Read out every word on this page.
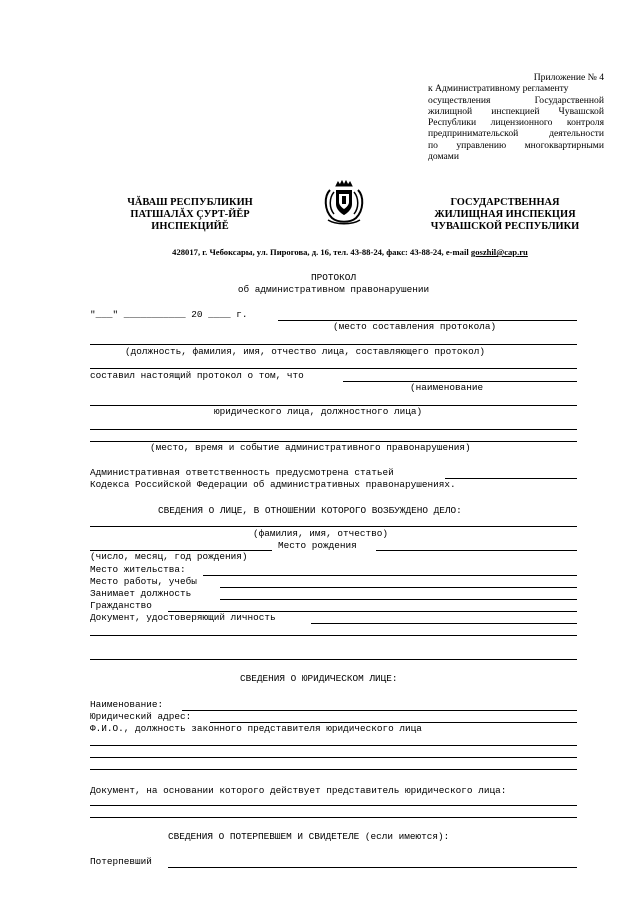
Приложение № 4
к Административному регламенту
осуществления Государственной
жилищной инспекцией Чувашской
Республики лицензионного контроля
предпринимательской деятельности
по управлению многоквартирными
домами
ЧĂВАШ РЕСПУБЛИКИН
ПАТШАЛĂХ ÇУРТ-ЙĔР
ИНСПЕКЦИЙĔ
ГОСУДАРСТВЕННАЯ
ЖИЛИЩНАЯ ИНСПЕКЦИЯ
ЧУВАШСКОЙ РЕСПУБЛИКИ
428017, г. Чебоксары, ул. Пирогова, д. 16, тел. 43-88-24, факс: 43-88-24, e-mail goszhil@cap.ru
ПРОТОКОЛ
об административном правонарушении
"___" ___________ 20 ____ г.
(место составления протокола)
(должность, фамилия, имя, отчество лица, составляющего протокол)
составил настоящий протокол о том, что
(наименование
юридического лица, должностного лица)
(место, время и событие административного правонарушения)
Административная ответственность предусмотрена статьей
Кодекса Российской Федерации об административных правонарушениях.
СВЕДЕНИЯ О ЛИЦЕ, В ОТНОШЕНИИ КОТОРОГО ВОЗБУЖДЕНО ДЕЛО:
(фамилия, имя, отчество)
Место рождения
(число, месяц, год рождения)
Место жительства:
Место работы, учебы
Занимает должность
Гражданство
Документ, удостоверяющий личность
СВЕДЕНИЯ О ЮРИДИЧЕСКОМ ЛИЦЕ:
Наименование:
Юридический адрес:
Ф.И.О., должность законного представителя юридического лица
Документ, на основании которого действует представитель юридического лица:
СВЕДЕНИЯ О ПОТЕРПЕВШЕМ И СВИДЕТЕЛЕ (если имеются):
Потерпевший
